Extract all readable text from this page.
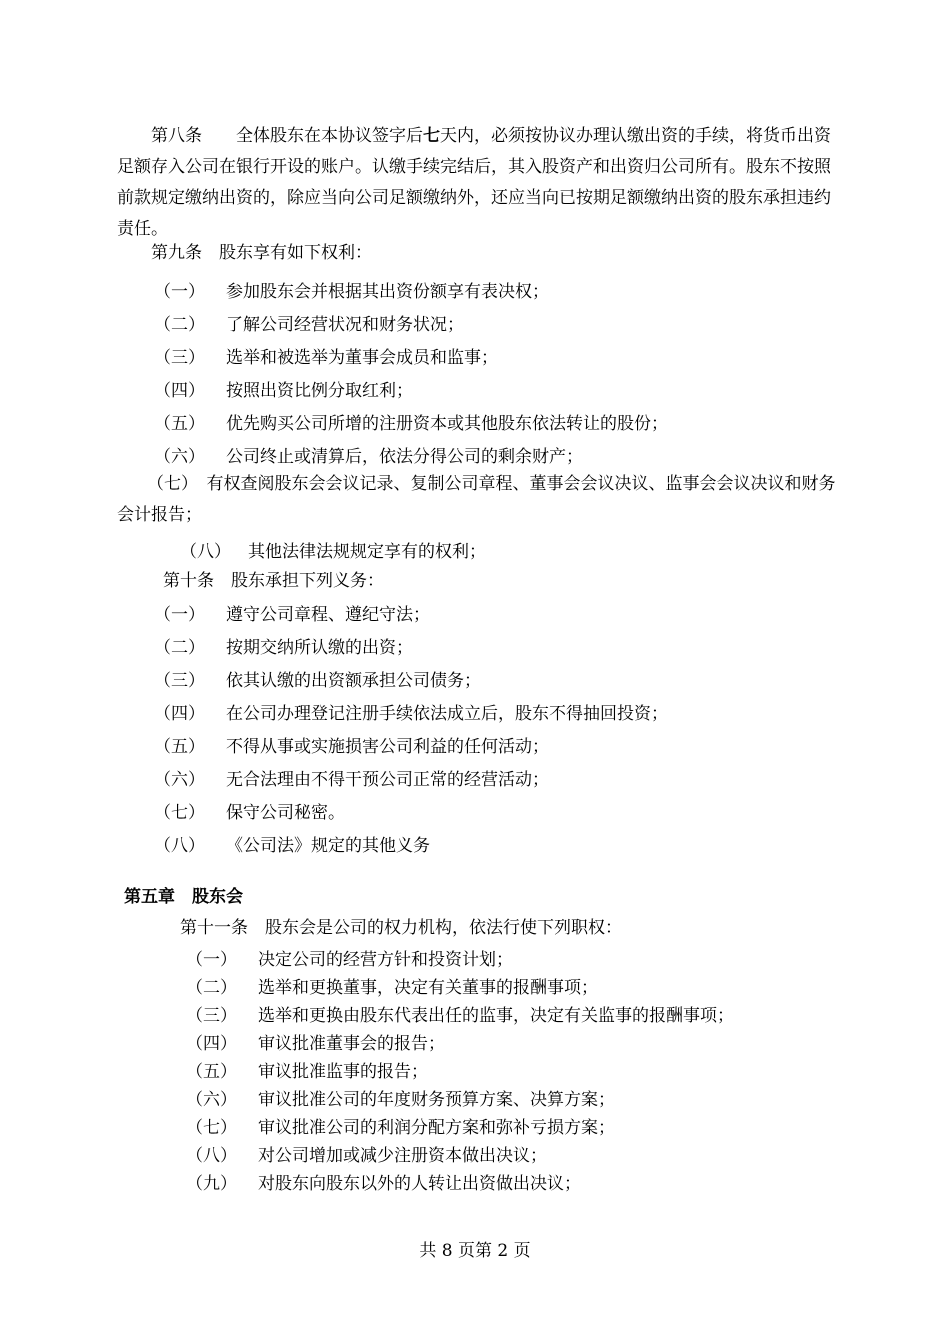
第八条　　 全体股东在本协议签字后七天内，必须按协议办理认缴出资的手续，将货币出资足额存入公司在银行开设的账户。认缴手续完结后，其入股资产和出资归公司所有。股东不按照前款规定缴纳出资的，除应当向公司足额缴纳外，还应当向已按期足额缴纳出资的股东承担违约责任。

第九条　股东享有如下权利：
（一） 参加股东会并根据其出资份额享有表决权；
（二） 了解公司经营状况和财务状况；
（三） 选举和被选举为董事会成员和监事；
（四） 按照出资比例分取红利；
（五） 优先购买公司所增的注册资本或其他股东依法转让的股份；
（六） 公司终止或清算后，依法分得公司的剩余财产；

（七）　 有权查阅股东会会议记录、复制公司章程、董事会会议决议、监事会会议决议和财务会计报告；

（八） 其他法律法规规定享有的权利；
第十条　股东承担下列义务：
（一） 遵守公司章程、遵纪守法；
（二） 按期交纳所认缴的出资；
（三） 依其认缴的出资额承担公司债务；
（四） 在公司办理登记注册手续依法成立后，股东不得抽回投资；
（五） 不得从事或实施损害公司利益的任何活动；
（六） 无合法理由不得干预公司正常的经营活动；
（七） 保守公司秘密。
（八） 《公司法》规定的其他义务
第五章　股东会
第十一条　股东会是公司的权力机构，依法行使下列职权：
（一） 决定公司的经营方针和投资计划；
（二） 选举和更换董事，决定有关董事的报酬事项；
（三） 选举和更换由股东代表出任的监事，决定有关监事的报酬事项；
（四） 审议批准董事会的报告；
（五） 审议批准监事的报告；
（六） 审议批准公司的年度财务预算方案、决算方案；
（七） 审议批准公司的利润分配方案和弥补亏损方案；
（八） 对公司增加或减少注册资本做出决议；
（九） 对股东向股东以外的人转让出资做出决议；
共 8 页第 2 页
